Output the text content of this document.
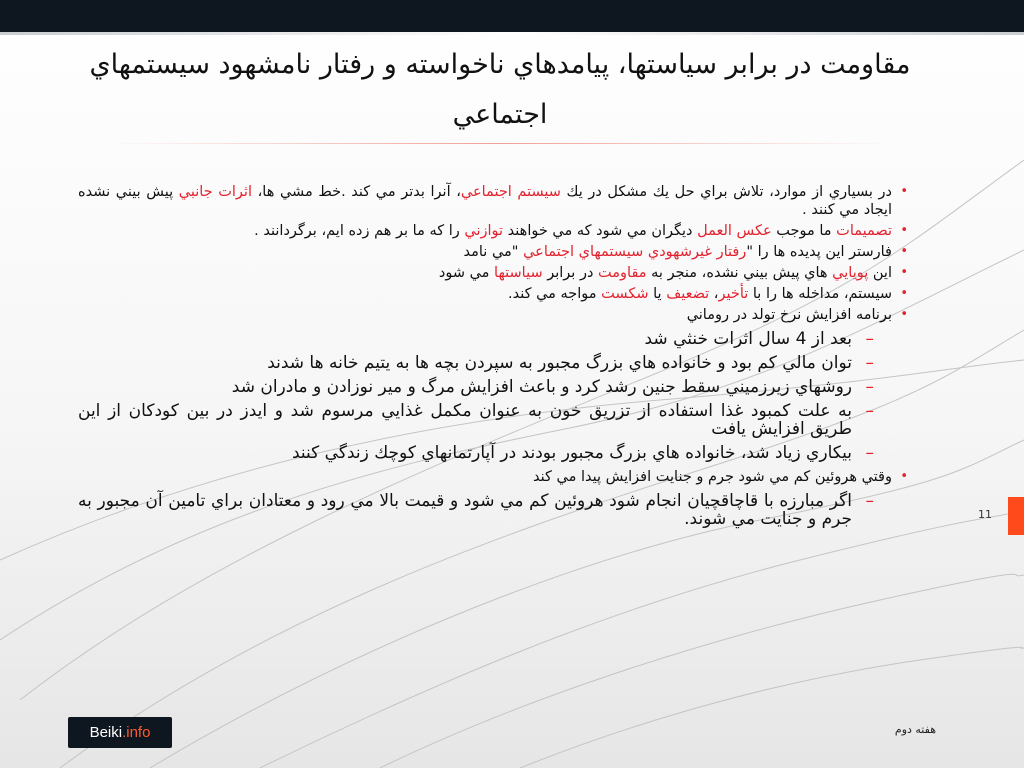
مقاومت در برابر سياستها، پيامدهاي ناخواسته و رفتار نامشهود سيستمهاي اجتماعي
• در بسياري از موارد، تلاش براي حل يك مشكل در يك سيستم اجتماعي، آنرا بدتر مي كند .خط مشي ها، اثرات جانبي پيش بيني نشده ايجاد مي كنند .
• تصميمات ما موجب عكس العمل ديگران مي شود كه مي خواهند توازني را كه ما بر هم زده ايم، برگردانند .
• فارستر اين پديده ها را "رفتار غيرشهودي سيستمهاي اجتماعي "مي نامد
• اين پويايي هاي پيش بيني نشده، منجر به مقاومت در برابر سياستها مي شود
• سيستم، مداخله ها را با تأخير، تضعيف يا شكست مواجه مي كند.
• برنامه افزايش نرخ تولد در روماني
– بعد از 4 سال اثرات خنثي شد
– توان مالي كم بود و خانواده هاي بزرگ مجبور به سپردن بچه ها به يتيم خانه ها شدند
– روشهاي زيرزميني سقط جنين رشد كرد و باعث افزايش مرگ و مير نوزادن و مادران شد
– به علت كمبود غذا استفاده از تزريق خون به عنوان مكمل غذايي مرسوم شد و ايدز در بين كودكان از اين طريق افزايش يافت
– بيكاري زياد شد، خانواده هاي بزرگ مجبور بودند در آپارتمانهاي كوچك زندگي كنند
• وقتي هروئين كم مي شود جرم و جنايت افزايش پيدا مي كند
– اگر مبارزه با قاچاقچيان انجام شود هروئين كم مي شود و قيمت بالا مي رود و معتادان براي تامين آن مجبور به جرم و جنايت مي شوند.	11
Beiki.info	هفته دوم
